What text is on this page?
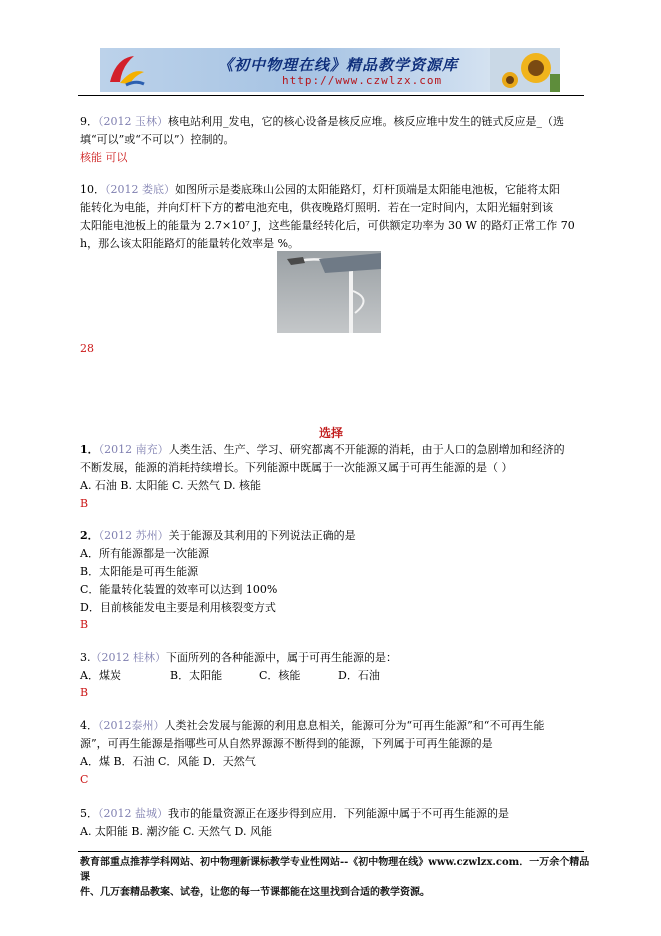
《初中物理在线》精品教学资源库
http://www.czwlzx.com
9．（2012 玉林）核电站利用_发电，它的核心设备是核反应堆。核反应堆中发生的链式反应是_（选
填“可以”或“不可以”）控制的。
核能 可以
10．（2012 娄底）如图所示是娄底珠山公园的太阳能路灯，灯杆顶端是太阳能电池板，它能将太阳
能转化为电能，并向灯杆下方的蓄电池充电，供夜晚路灯照明．若在一定时间内，太阳光辐射到该
太阳能电池板上的能量为 2.7×10⁷ J，这些能量经转化后，可供额定功率为 30 W 的路灯正常工作 70
h，那么该太阳能路灯的能量转化效率是 %。
28
选择
1．（2012 南充）人类生活、生产、学习、研究都离不开能源的消耗，由于人口的急剧增加和经济的
不断发展，能源的消耗持续增长。下列能源中既属于一次能源又属于可再生能源的是（ ）
A. 石油 B. 太阳能 C. 天然气 D. 核能
B
2．（2012 苏州）关于能源及其利用的下列说法正确的是
A．所有能源都是一次能源
B．太阳能是可再生能源
C．能量转化装置的效率可以达到 100%
D．目前核能发电主要是利用核裂变方式
B
3.（2012 桂林）下面所列的各种能源中，属于可再生能源的是：
A．煤炭	B．太阳能	C．核能	D．石油
B
4．（2012泰州）人类社会发展与能源的利用息息相关，能源可分为“可再生能源”和“不可再生能
源”，可再生能源是指哪些可从自然界源源不断得到的能源，下列属于可再生能源的是
A．煤 B．石油 C．风能 D．天然气
C
5．（2012 盐城）我市的能量资源正在逐步得到应用．下列能源中属于不可再生能源的是
A. 太阳能 B. 潮汐能 C. 天然气 D. 风能
教育部重点推荐学科网站、初中物理新课标教学专业性网站--《初中物理在线》www.czwlzx.com．一万余个精品课
件、几万套精品教案、试卷，让您的每一节课都能在这里找到合适的教学资源。
